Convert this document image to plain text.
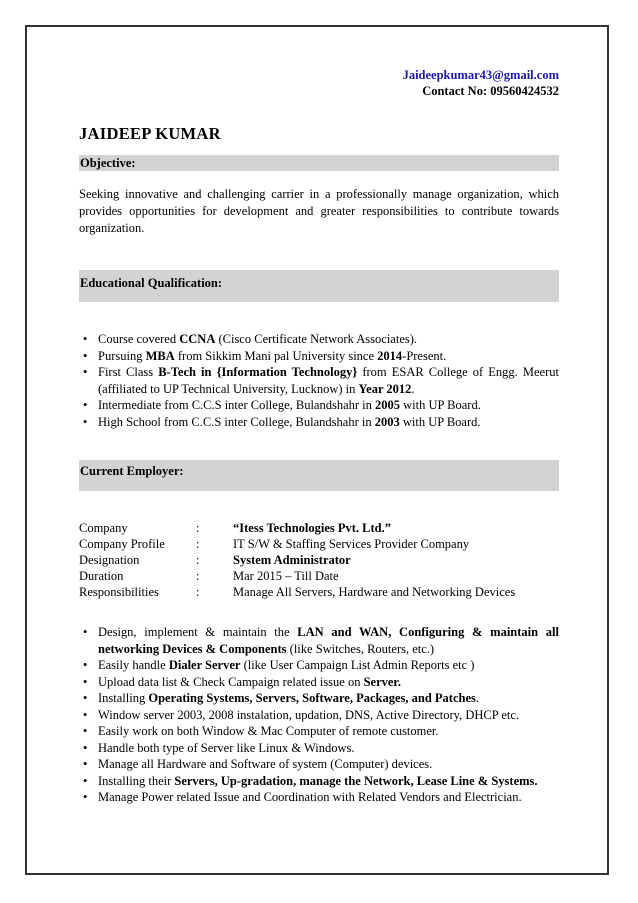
Jaideepkumar43@gmail.com
Contact No: 09560424532
JAIDEEP KUMAR
Objective:
Seeking innovative and challenging carrier in a professionally manage organization, which provides opportunities for development and greater responsibilities to contribute towards organization.
Educational Qualification:
• Course covered CCNA (Cisco Certificate Network Associates).
• Pursuing MBA from Sikkim Mani pal University since 2014-Present.
• First Class B-Tech in {Information Technology} from ESAR College of Engg. Meerut (affiliated to UP Technical University, Lucknow) in Year 2012.
• Intermediate from C.C.S inter College, Bulandshahr in 2005 with UP Board.
• High School from C.C.S inter College, Bulandshahr in 2003 with UP Board.
Current Employer:
Company	:	“Itess Technologies Pvt. Ltd.”
Company Profile :	IT S/W & Staffing Services Provider Company
Designation	:	System Administrator
Duration	:	Mar 2015 – Till Date
Responsibilities	:	Manage All Servers, Hardware and Networking Devices
• Design, implement & maintain the LAN and WAN, Configuring & maintain all networking Devices & Components (like Switches, Routers, etc.)
• Easily handle Dialer Server (like User Campaign List Admin Reports etc )
• Upload data list & Check Campaign related issue on Server.
• Installing Operating Systems, Servers, Software, Packages, and Patches.
• Window server 2003, 2008 instalation, updation, DNS, Active Directory, DHCP etc.
• Easily work on both Window & Mac Computer of remote customer.
• Handle both type of Server like Linux & Windows.
• Manage all Hardware and Software of system (Computer) devices.
• Installing their Servers, Up-gradation, manage the Network, Lease Line & Systems.
• Manage Power related Issue and Coordination with Related Vendors and Electrician.
